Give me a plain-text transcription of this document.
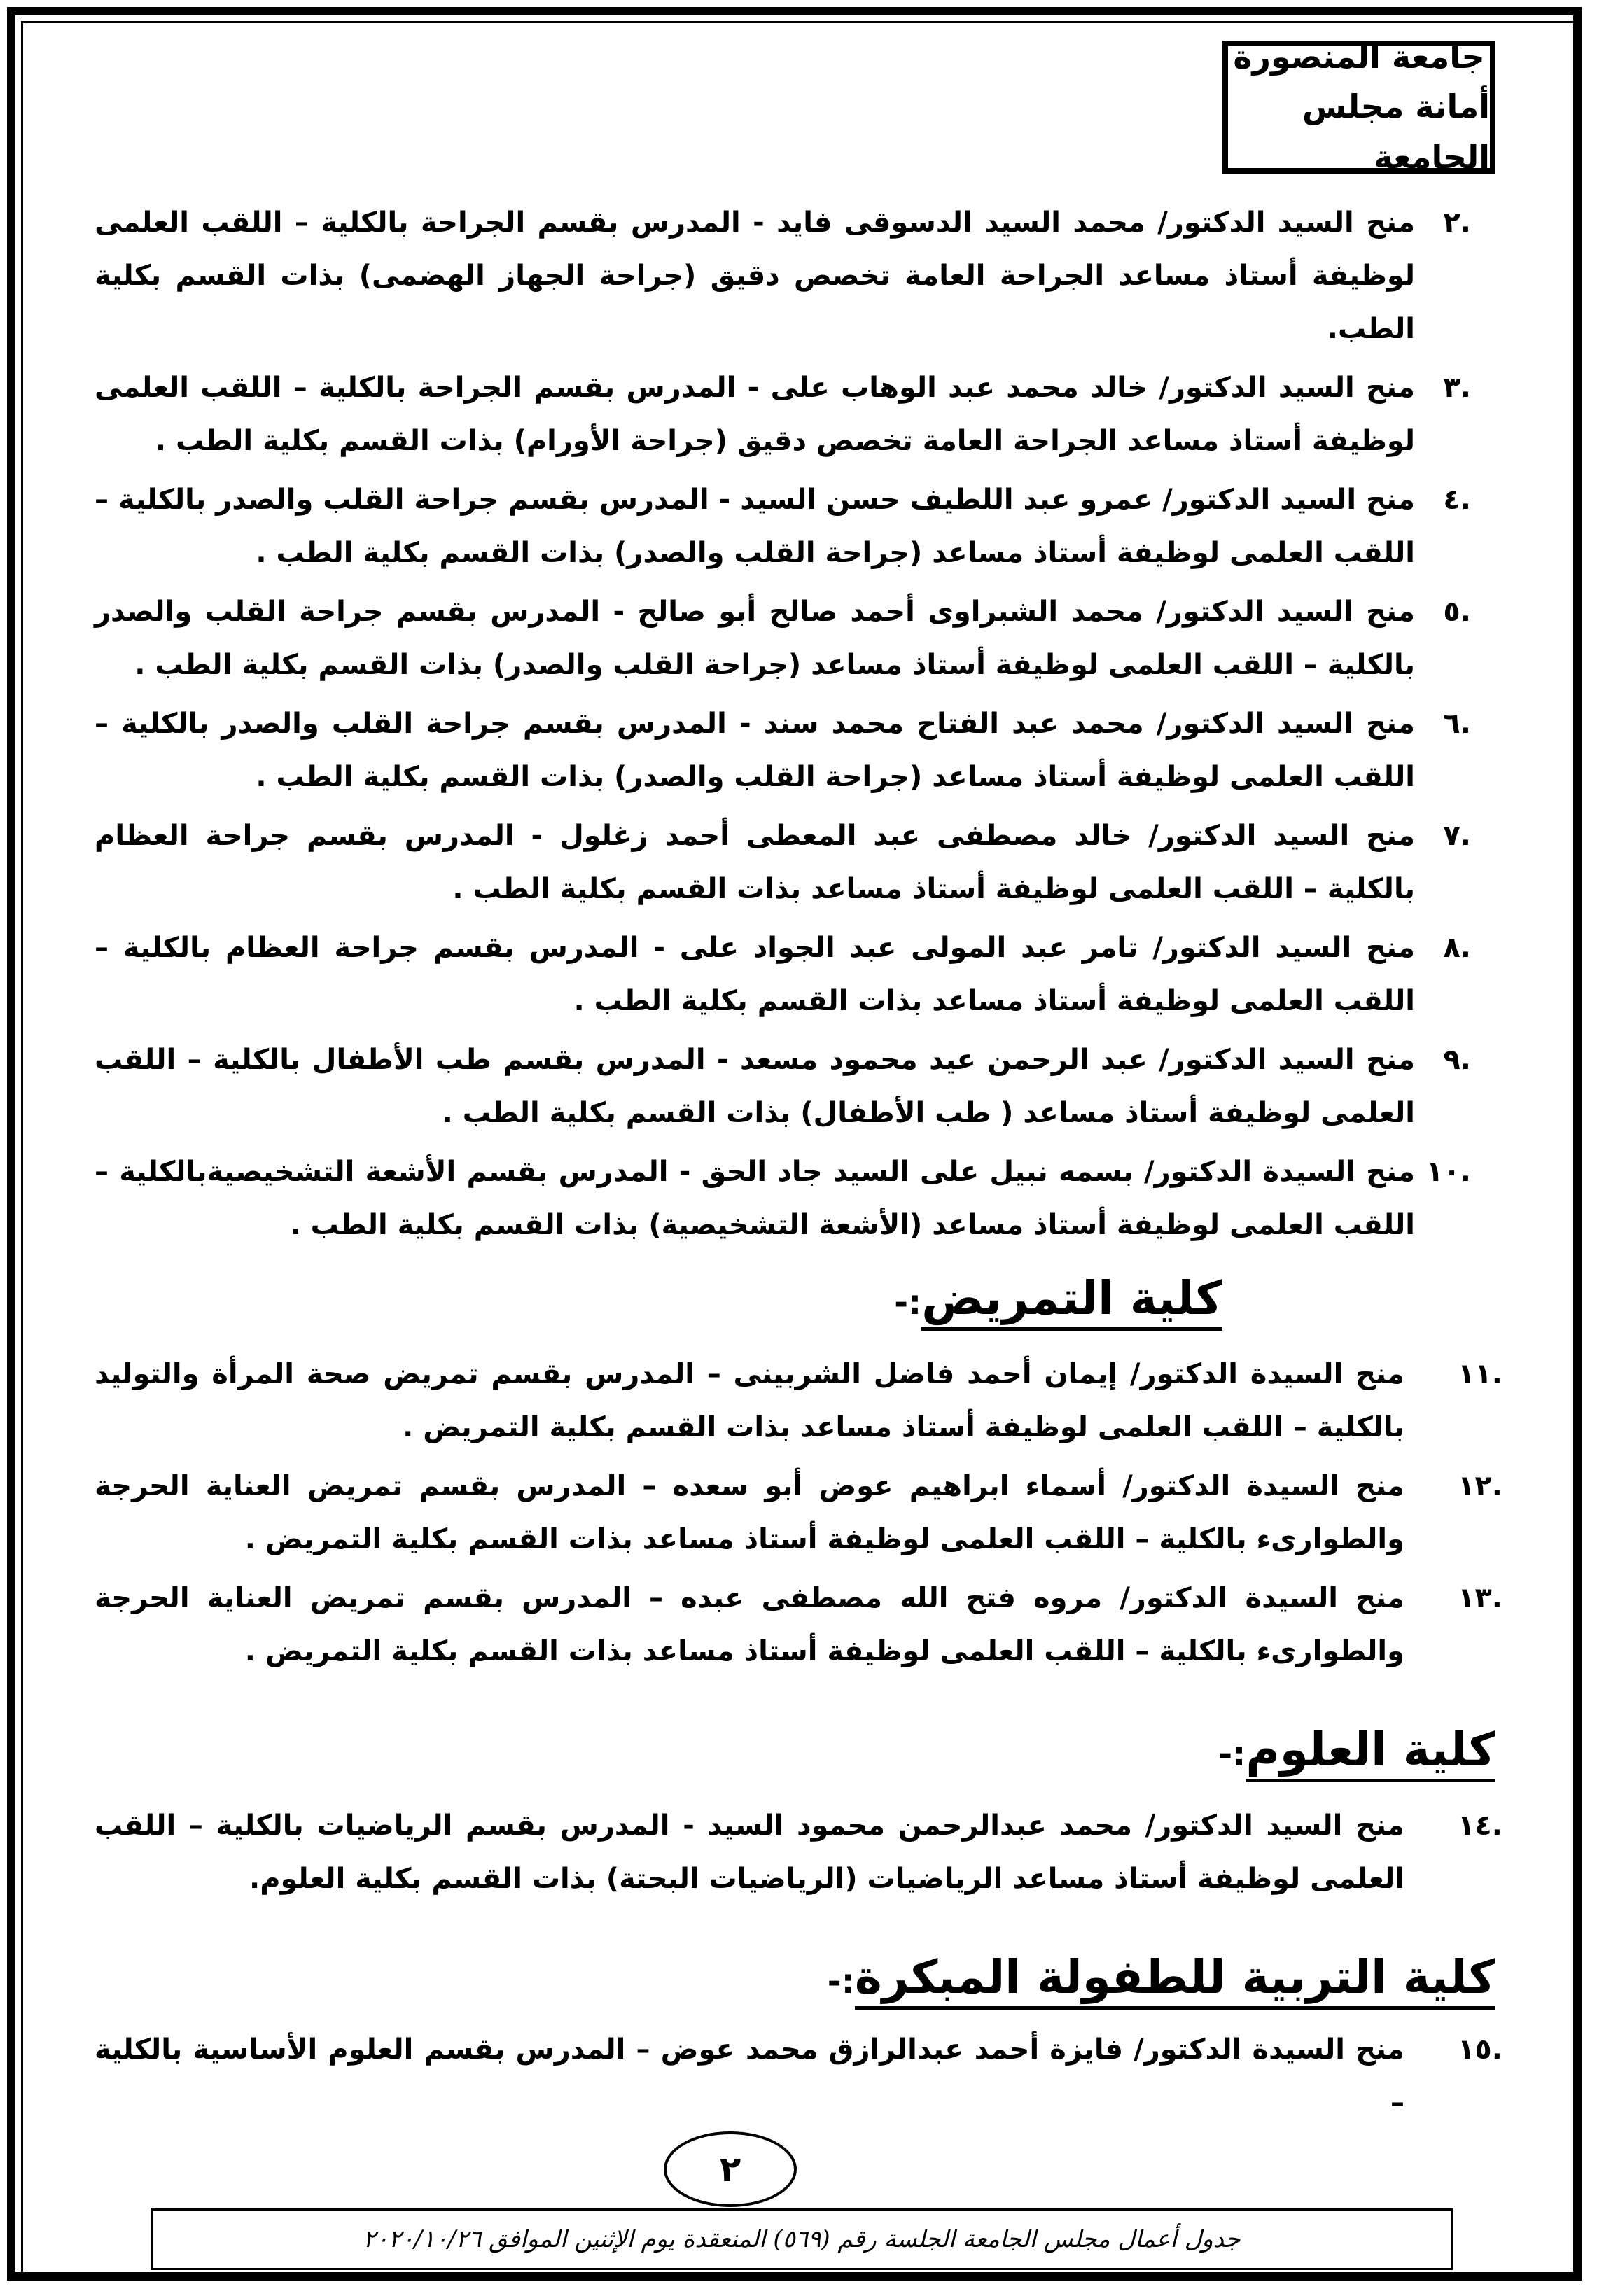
جامعة المنصورة
أمانة مجلس الجامعة
.٢
منح السيد الدكتور/ محمد السيد الدسوقى فايد - المدرس بقسم الجراحة بالكلية – اللقب العلمى لوظيفة أستاذ مساعد الجراحة العامة تخصص دقيق (جراحة الجهاز الهضمى) بذات القسم بكلية الطب.
.٣
منح السيد الدكتور/ خالد محمد عبد الوهاب على - المدرس بقسم الجراحة بالكلية – اللقب العلمى لوظيفة أستاذ مساعد الجراحة العامة تخصص دقيق (جراحة الأورام) بذات القسم بكلية الطب .
.٤
منح السيد الدكتور/ عمرو عبد اللطيف حسن السيد - المدرس بقسم جراحة القلب والصدر بالكلية – اللقب العلمى لوظيفة أستاذ مساعد (جراحة القلب والصدر) بذات القسم بكلية الطب .
.٥
منح السيد الدكتور/ محمد الشبراوى أحمد صالح أبو صالح - المدرس بقسم جراحة القلب والصدر بالكلية – اللقب العلمى لوظيفة أستاذ مساعد (جراحة القلب والصدر) بذات القسم بكلية الطب .
.٦
منح السيد الدكتور/ محمد عبد الفتاح محمد سند - المدرس بقسم جراحة القلب والصدر بالكلية – اللقب العلمى لوظيفة أستاذ مساعد (جراحة القلب والصدر) بذات القسم بكلية الطب .
.٧
منح السيد الدكتور/ خالد مصطفى عبد المعطى أحمد زغلول - المدرس بقسم جراحة العظام بالكلية – اللقب العلمى لوظيفة أستاذ مساعد بذات القسم بكلية الطب .
.٨
منح السيد الدكتور/ تامر عبد المولى عبد الجواد على - المدرس بقسم جراحة العظام بالكلية – اللقب العلمى لوظيفة أستاذ مساعد بذات القسم بكلية الطب .
.٩
منح السيد الدكتور/ عبد الرحمن عيد محمود مسعد - المدرس بقسم طب الأطفال بالكلية – اللقب العلمى لوظيفة أستاذ مساعد ( طب الأطفال) بذات القسم بكلية الطب .
.١٠
منح السيدة الدكتور/ بسمه نبيل على السيد جاد الحق - المدرس بقسم الأشعة التشخيصيةبالكلية – اللقب العلمى لوظيفة أستاذ مساعد (الأشعة التشخيصية) بذات القسم بكلية الطب .
كلية التمريض:-
.١١
منح السيدة الدكتور/ إيمان أحمد فاضل الشربينى – المدرس بقسم تمريض صحة المرأة والتوليد بالكلية – اللقب العلمى لوظيفة أستاذ مساعد بذات القسم بكلية التمريض .
.١٢
منح السيدة الدكتور/ أسماء ابراهيم عوض أبو سعده – المدرس بقسم تمريض العناية الحرجة والطوارىء بالكلية – اللقب العلمى لوظيفة أستاذ مساعد بذات القسم بكلية التمريض .
.١٣
منح السيدة الدكتور/ مروه فتح الله مصطفى عبده – المدرس بقسم تمريض العناية الحرجة والطوارىء بالكلية – اللقب العلمى لوظيفة أستاذ مساعد بذات القسم بكلية التمريض .
كلية العلوم:-
.١٤
منح السيد الدكتور/ محمد عبدالرحمن محمود السيد - المدرس بقسم الرياضيات بالكلية – اللقب العلمى لوظيفة أستاذ مساعد الرياضيات (الرياضيات البحتة) بذات القسم بكلية العلوم.
كلية التربية للطفولة المبكرة:-
.١٥
منح السيدة الدكتور/ فايزة أحمد عبدالرازق محمد عوض – المدرس بقسم العلوم الأساسية بالكلية –
٢
جدول أعمال مجلس الجامعة الجلسة رقم (٥٦٩) المنعقدة يوم الإثنين الموافق ٢٠٢٠/١٠/٢٦
